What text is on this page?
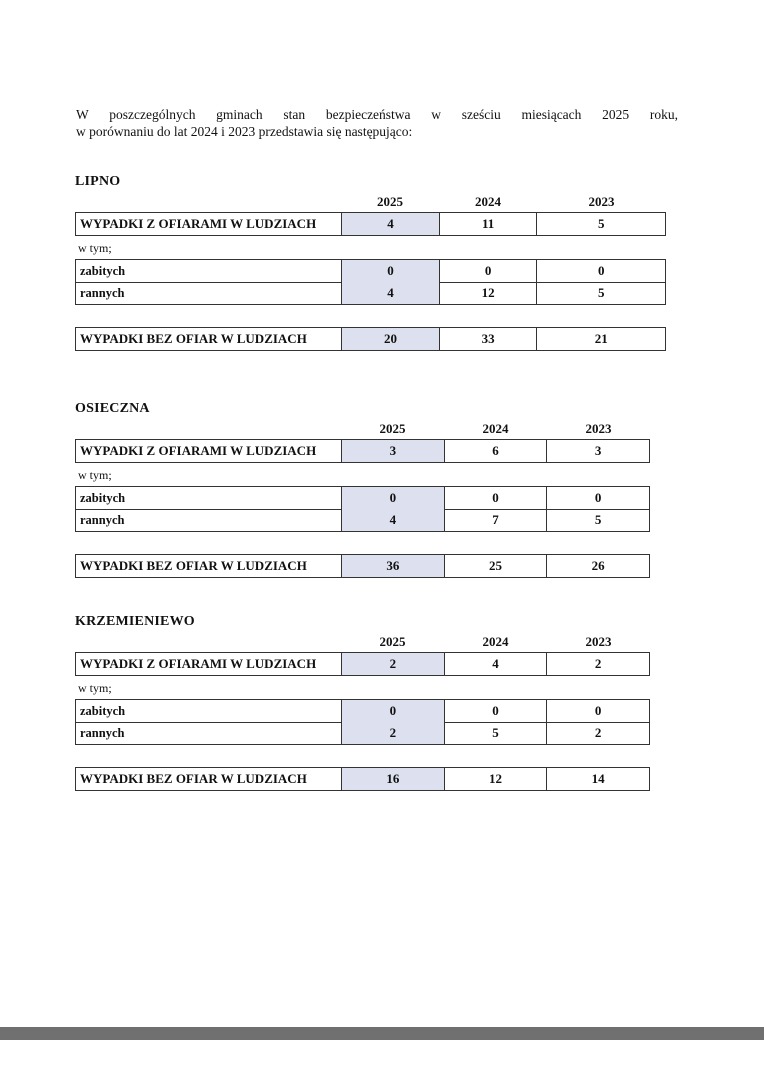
W poszczególnych gminach stan bezpieczeństwa w sześciu miesiącach 2025 roku,
w porównaniu do lat 2024 i 2023 przedstawia się następująco:
LIPNO
2025	2024	2023
w tym;
WYPADKI Z OFIARAMI W LUDZIACH	4	11	5
zabitych	0	0	0
rannych	4	12	5
WYPADKI BEZ OFIAR W LUDZIACH	20	33	21
OSIECZNA
2025	2024	2023
w tym;
WYPADKI Z OFIARAMI W LUDZIACH	3	6	3
zabitych	0	0	0
rannych	4	7	5
WYPADKI BEZ OFIAR W LUDZIACH	36	25	26
KRZEMIENIEWO
2025	2024	2023
w tym;
WYPADKI Z OFIARAMI W LUDZIACH	2	4	2
zabitych	0	0	0
rannych	2	5	2
WYPADKI BEZ OFIAR W LUDZIACH	16	12	14
